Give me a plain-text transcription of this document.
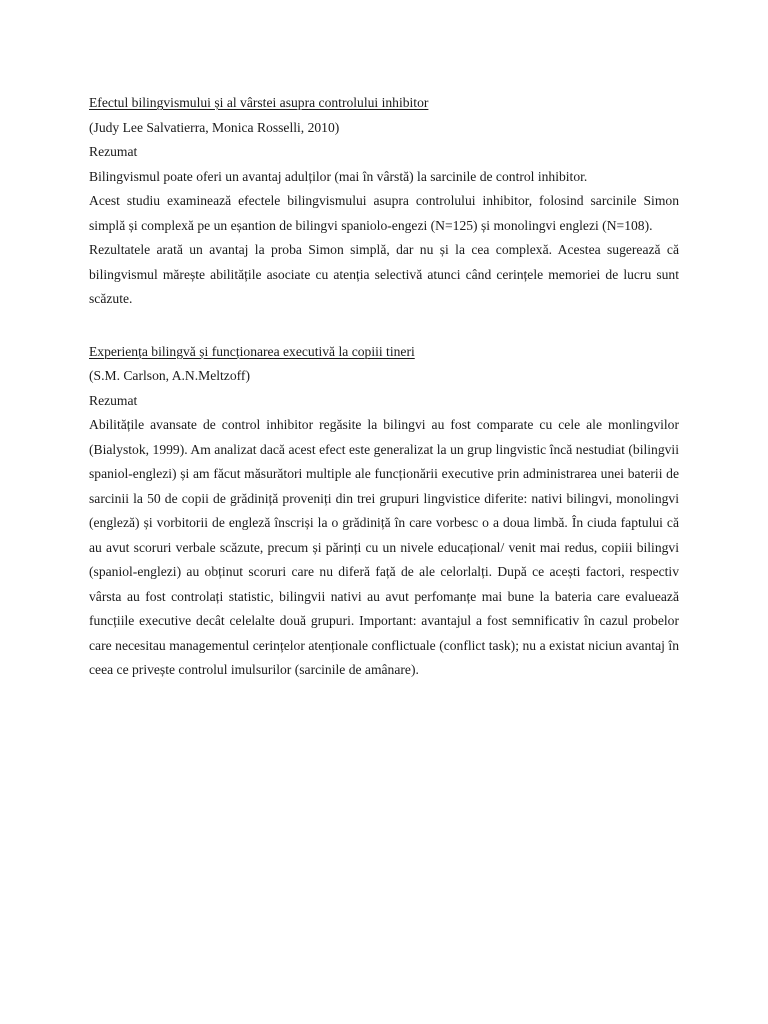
Efectul bilingvismului și al vârstei asupra controlului inhibitor

(Judy Lee Salvatierra, Monica Rosselli, 2010)

Rezumat

Bilingvismul poate oferi un avantaj adulților (mai în vârstă) la sarcinile de control inhibitor.

Acest studiu examinează efectele bilingvismului asupra controlului inhibitor, folosind sarcinile Simon simplă și complexă pe un eșantion de bilingvi spaniolo-engezi (N=125) și monolingvi englezi (N=108).

Rezultatele arată un avantaj la proba Simon simplă, dar nu și la cea complexă. Acestea sugerează că bilingvismul mărește abilitățile asociate cu atenția selectivă atunci când cerințele memoriei de lucru sunt scăzute.

Experiența bilingvă și funcționarea executivă la copiii tineri

(S.M. Carlson, A.N.Meltzoff)

Rezumat

Abilitățile avansate de control inhibitor regăsite la bilingvi au fost comparate cu cele ale monlingvilor (Bialystok, 1999). Am analizat dacă acest efect este generalizat la un grup lingvistic încă nestudiat (bilingvii spaniol-englezi) și am făcut măsurători multiple ale funcționării executive prin administrarea unei baterii de sarcinii la 50 de copii de grădiniță proveniți din trei grupuri lingvistice diferite: nativi bilingvi, monolingvi (engleză) și vorbitorii de engleză înscriși la o grădiniță în care vorbesc o a doua limbă. În ciuda faptului că au avut scoruri verbale scăzute, precum și părinți cu un nivele educațional/ venit mai redus, copiii bilingvi (spaniol-englezi) au obținut scoruri care nu diferă față de ale celorlalți. După ce acești factori, respectiv vârsta au fost controlați statistic, bilingvii nativi au avut perfomanțe mai bune la bateria care evaluează funcțiile executive decât celelalte două grupuri. Important: avantajul a fost semnificativ în cazul probelor care necesitau managementul cerințelor atenționale conflictuale (conflict task); nu a existat niciun avantaj în ceea ce privește controlul imulsurilor (sarcinile de amânare).
